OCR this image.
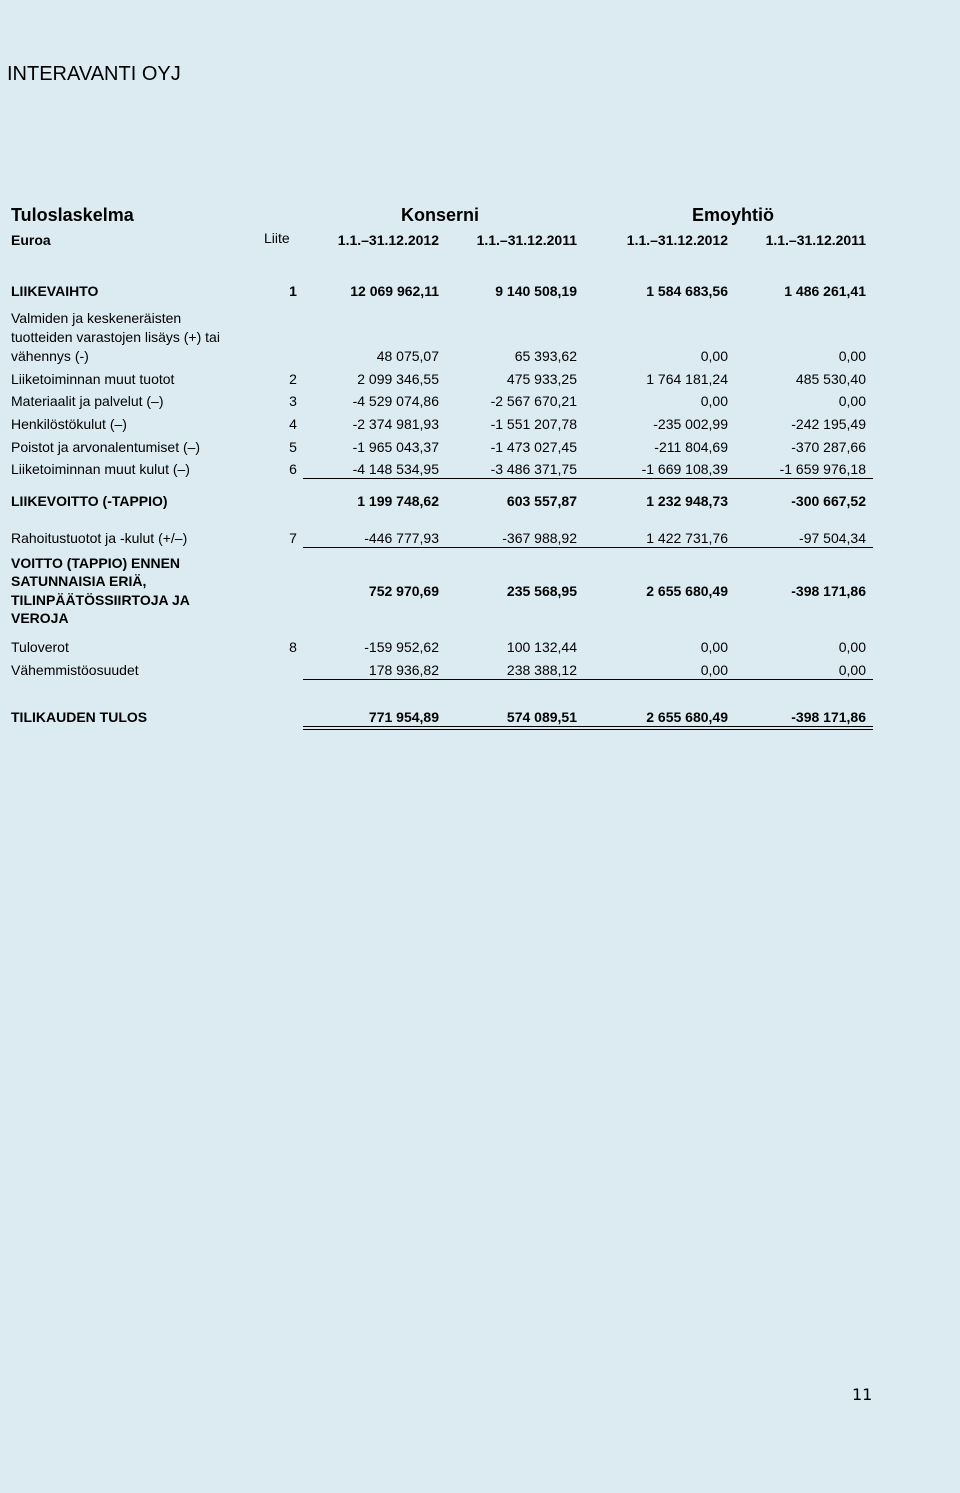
INTERAVANTI OYJ
Tuloslaskelma	Konserni	Emoyhtiö
Euroa	Liite	1.1.–31.12.2012	1.1.–31.12.2011	1.1.–31.12.2012	1.1.–31.12.2011
LIIKEVAIHTO	1	12 069 962,11	9 140 508,19	1 584 683,56	1 486 261,41
Valmiden ja keskeneräisten
tuotteiden varastojen lisäys (+) tai
vähennys (-)	48 075,07	65 393,62	0,00	0,00
Liiketoiminnan muut tuotot	2	2 099 346,55	475 933,25	1 764 181,24	485 530,40
Materiaalit ja palvelut (–)	3	-4 529 074,86	-2 567 670,21	0,00	0,00
Henkilöstökulut (–)	4	-2 374 981,93	-1 551 207,78	-235 002,99	-242 195,49
Poistot ja arvonalentumiset (–)	5	-1 965 043,37	-1 473 027,45	-211 804,69	-370 287,66
Liiketoiminnan muut kulut (–)	6	-4 148 534,95	-3 486 371,75	-1 669 108,39	-1 659 976,18
LIIKEVOITTO (-TAPPIO)	1 199 748,62	603 557,87	1 232 948,73	-300 667,52
Rahoitustuotot ja -kulut (+/–)	7	-446 777,93	-367 988,92	1 422 731,76	-97 504,34
VOITTO (TAPPIO) ENNEN
SATUNNAISIA ERIÄ,
TILINPÄÄTÖSSIIRTOJA JA
VEROJA
752 970,69	235 568,95	2 655 680,49	-398 171,86
Tuloverot	8	-159 952,62	100 132,44	0,00	0,00
Vähemmistöosuudet	178 936,82	238 388,12	0,00	0,00
TILIKAUDEN TULOS	771 954,89	574 089,51	2 655 680,49	-398 171,86
11
